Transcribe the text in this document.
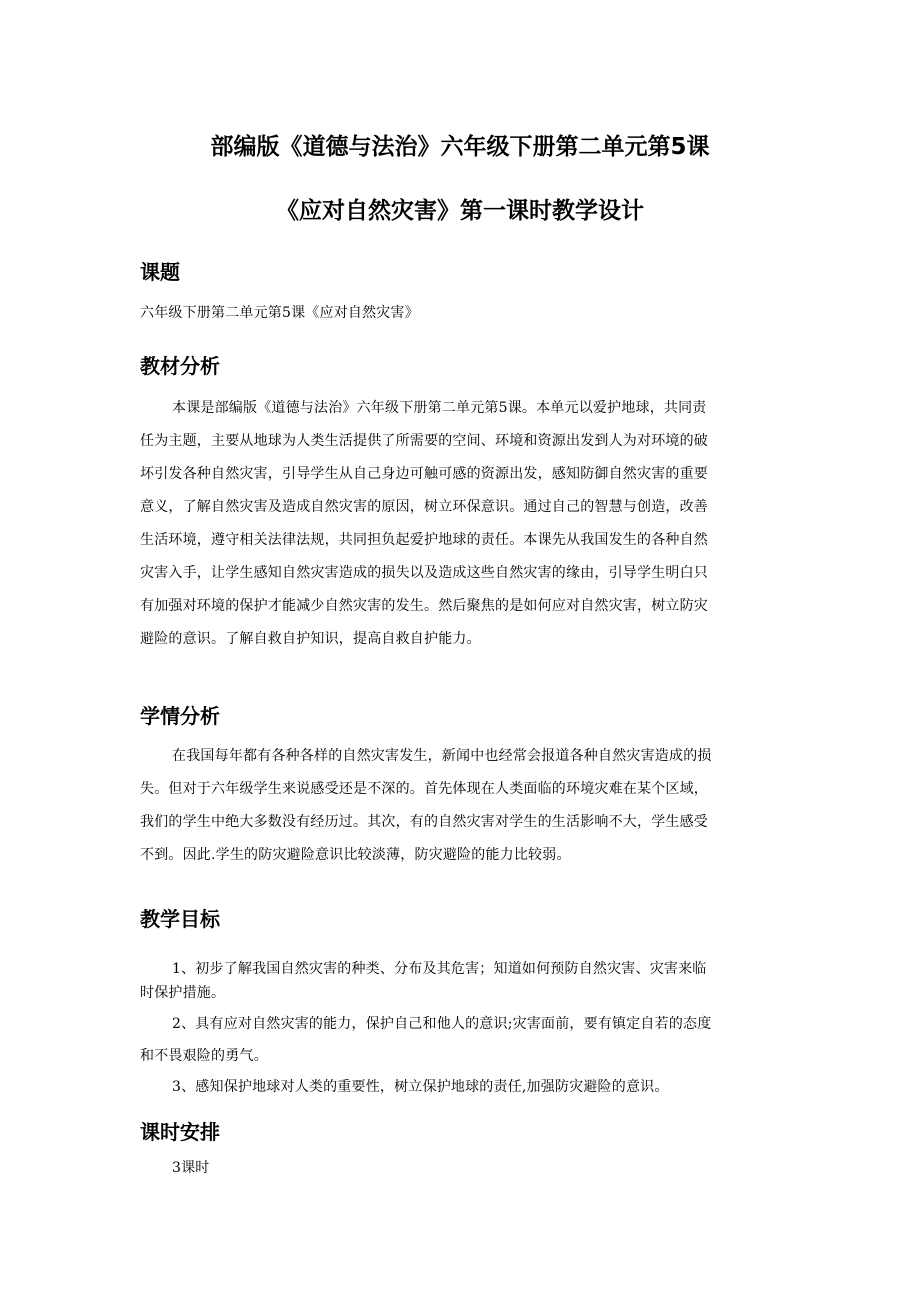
部编版《道德与法治》六年级下册第二单元第5课
《应对自然灾害》第一课时教学设计
课题
六年级下册第二单元第5课《应对自然灾害》
教材分析
本课是部编版《道德与法治》六年级下册第二单元第5课。本单元以爱护地球，共同责
任为主题，主要从地球为人类生活提供了所需要的空间、环境和资源出发到人为对环境的破
坏引发各种自然灾害，引导学生从自己身边可触可感的资源出发，感知防御自然灾害的重要
意义，了解自然灾害及造成自然灾害的原因，树立环保意识。通过自己的智慧与创造，改善
生活环境，遵守相关法律法规，共同担负起爱护地球的责任。本课先从我国发生的各种自然
灾害入手，让学生感知自然灾害造成的损失以及造成这些自然灾害的缘由，引导学生明白只
有加强对环境的保护才能减少自然灾害的发生。然后聚焦的是如何应对自然灾害，树立防灾
避险的意识。了解自救自护知识，提高自救自护能力。
学情分析
在我国每年都有各种各样的自然灾害发生，新闻中也经常会报道各种自然灾害造成的损
失。但对于六年级学生来说感受还是不深的。首先体现在人类面临的环境灾难在某个区域，
我们的学生中绝大多数没有经历过。其次，有的自然灾害对学生的生活影响不大，学生感受
不到。因此.学生的防灾避险意识比较淡薄，防灾避险的能力比较弱。
教学目标
1、初步了解我国自然灾害的种类、分布及其危害；知道如何预防自然灾害、灾害来临
时保护措施。
2、具有应对自然灾害的能力，保护自己和他人的意识;灾害面前，要有镇定自若的态度
和不畏艰险的勇气。
3、感知保护地球对人类的重要性，树立保护地球的责任,加强防灾避险的意识。
课时安排
3课时
